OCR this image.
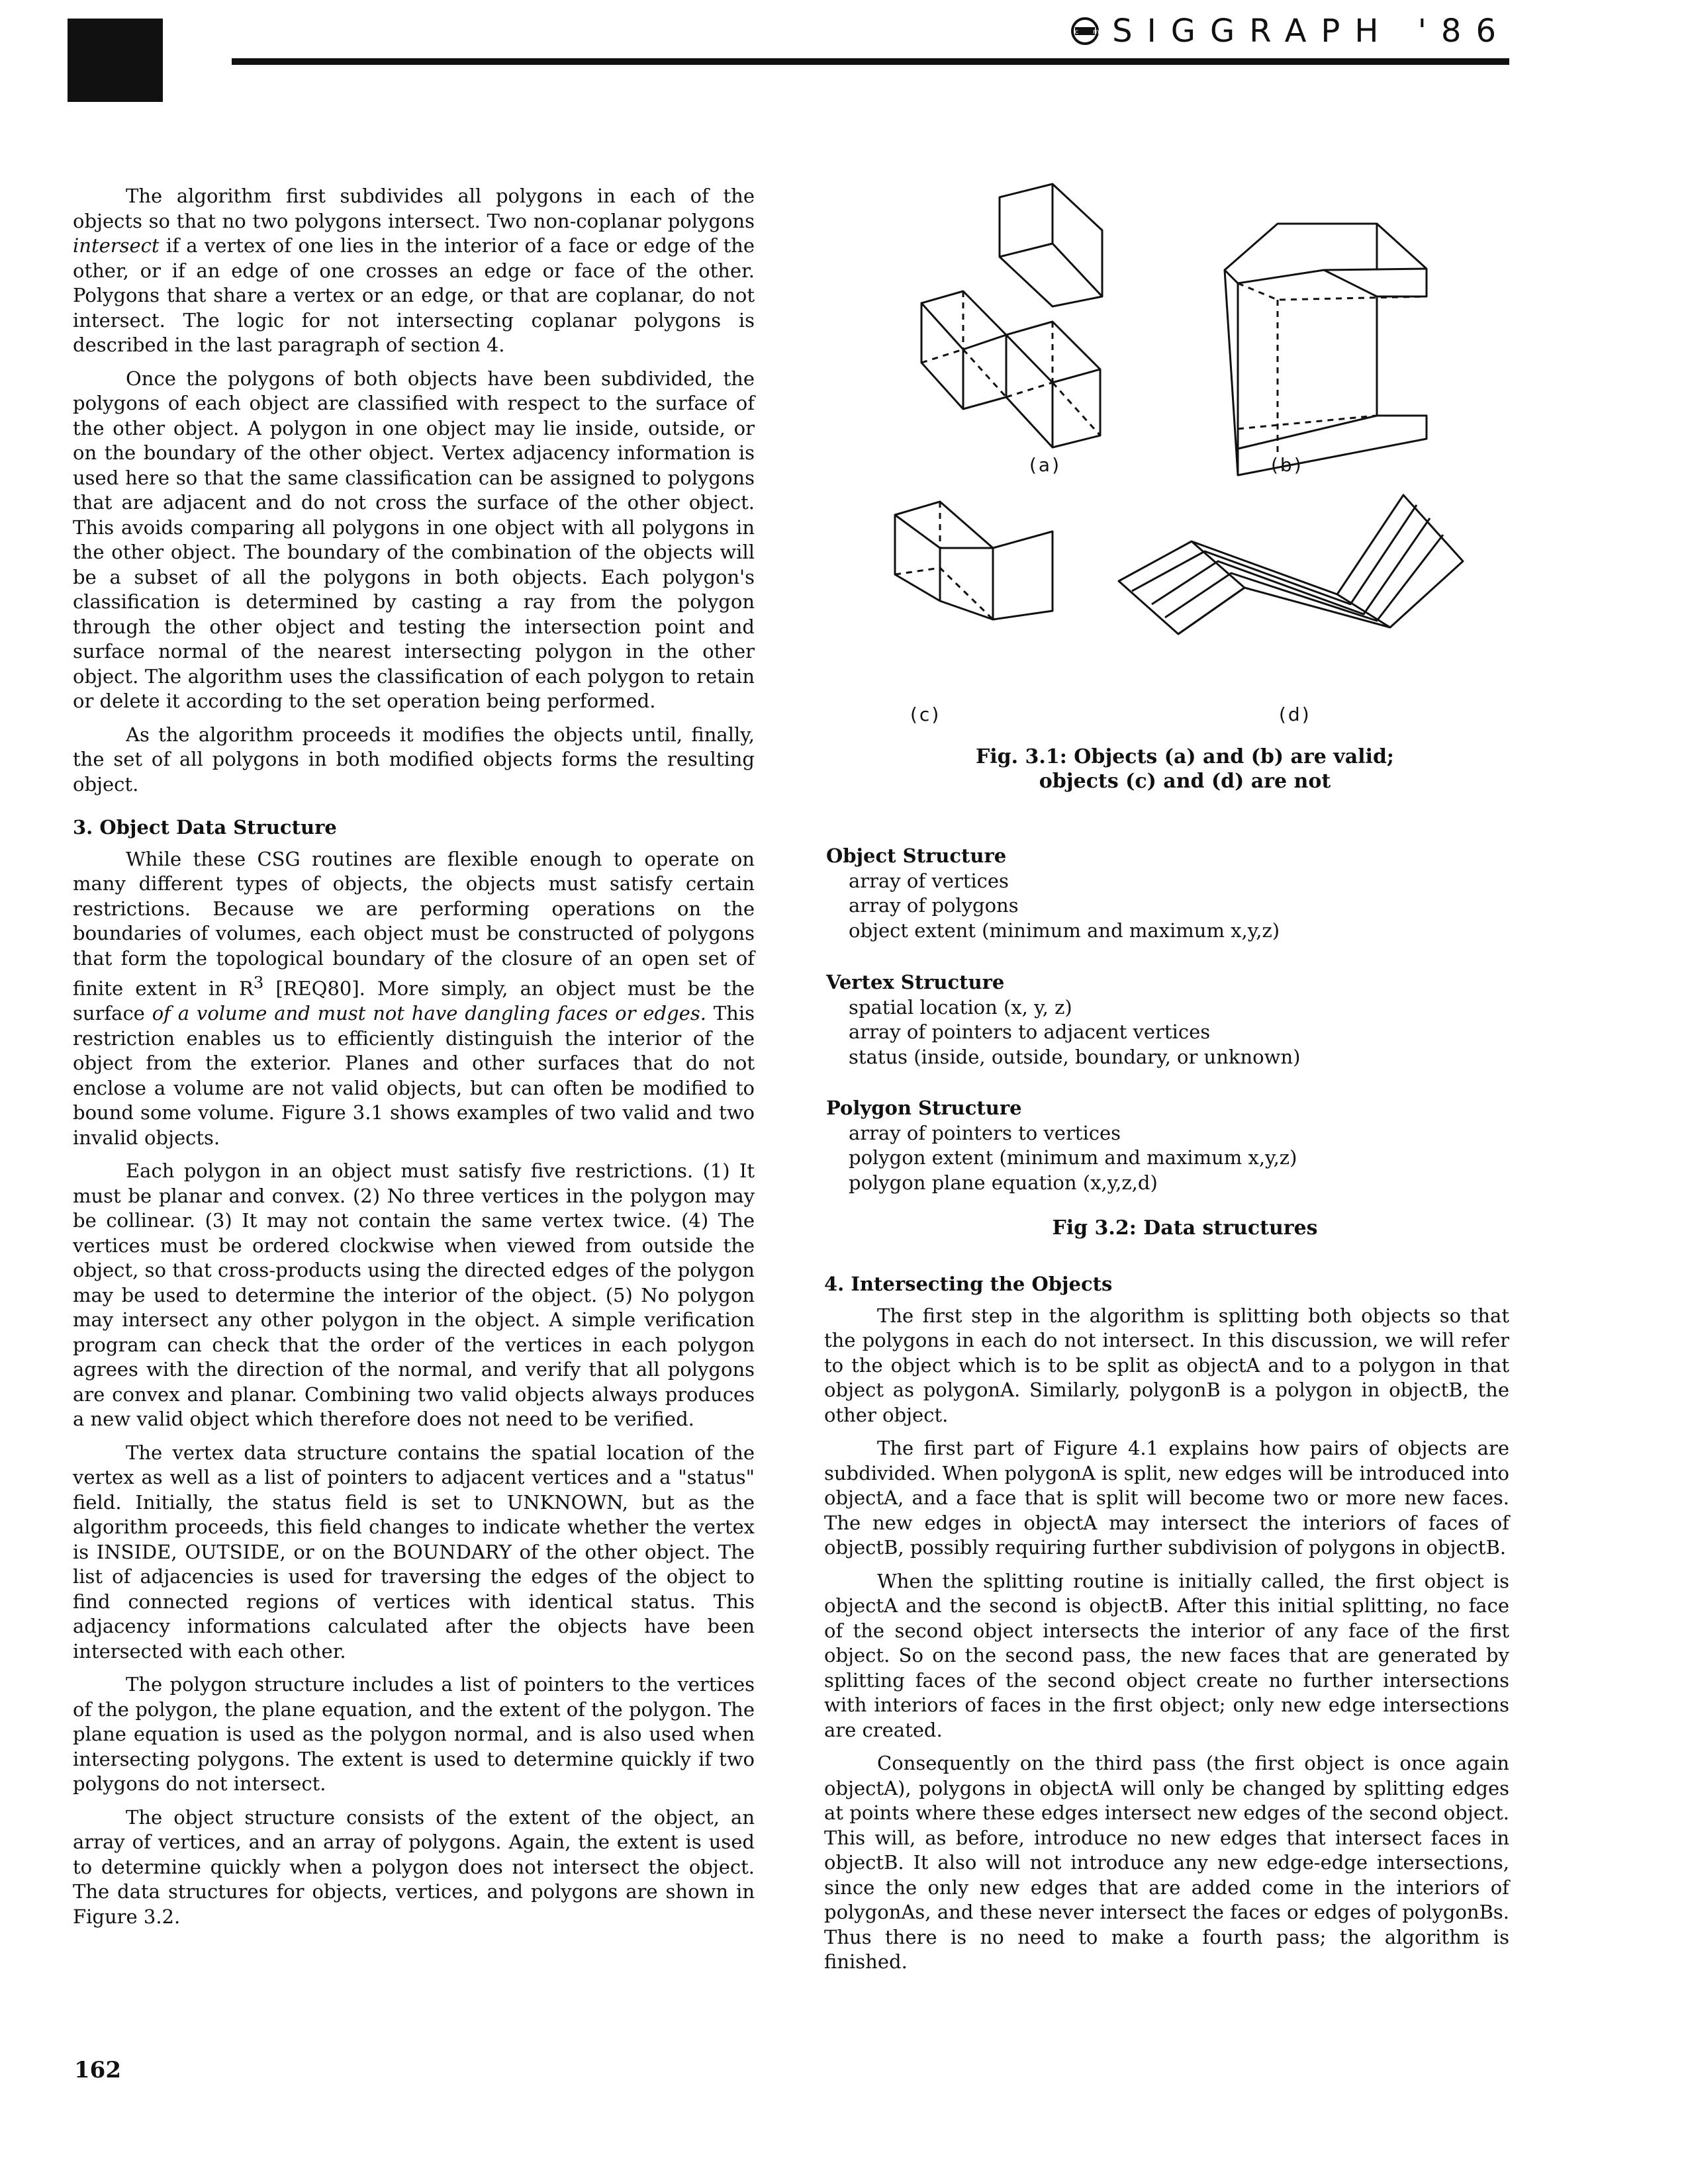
acm
SIGGRAPH '86

The algorithm first subdivides all polygons in each of the objects so that no two polygons intersect. Two non-coplanar polygons intersect if a vertex of one lies in the interior of a face or edge of the other, or if an edge of one crosses an edge or face of the other. Polygons that share a vertex or an edge, or that are coplanar, do not intersect. The logic for not intersecting coplanar polygons is described in the last paragraph of section 4.

Once the polygons of both objects have been subdivided, the polygons of each object are classified with respect to the surface of the other object. A polygon in one object may lie inside, outside, or on the boundary of the other object. Vertex adjacency information is used here so that the same classification can be assigned to polygons that are adjacent and do not cross the surface of the other object. This avoids comparing all polygons in one object with all polygons in the other object. The boundary of the combination of the objects will be a subset of all the polygons in both objects. Each polygon's classification is determined by casting a ray from the polygon through the other object and testing the intersection point and surface normal of the nearest intersecting polygon in the other object. The algorithm uses the classification of each polygon to retain or delete it according to the set operation being performed.

As the algorithm proceeds it modifies the objects until, finally, the set of all polygons in both modified objects forms the resulting object.

3. Object Data Structure

While these CSG routines are flexible enough to operate on many different types of objects, the objects must satisfy certain restrictions. Because we are performing operations on the boundaries of volumes, each object must be constructed of polygons that form the topological boundary of the closure of an open set of finite extent in $R^3$ [REQ80]. More simply, an object must be the surface of a volume and must not have dangling faces or edges. This restriction enables us to efficiently distinguish the interior of the object from the exterior. Planes and other surfaces that do not enclose a volume are not valid objects, but can often be modified to bound some volume. Figure 3.1 shows examples of two valid and two invalid objects.

Each polygon in an object must satisfy five restrictions. (1) It must be planar and convex. (2) No three vertices in the polygon may be collinear. (3) It may not contain the same vertex twice. (4) The vertices must be ordered clockwise when viewed from outside the object, so that cross-products using the directed edges of the polygon may be used to determine the interior of the object. (5) No polygon may intersect any other polygon in the object. A simple verification program can check that the order of the vertices in each polygon agrees with the direction of the normal, and verify that all polygons are convex and planar. Combining two valid objects always produces a new valid object which therefore does not need to be verified.

The vertex data structure contains the spatial location of the vertex as well as a list of pointers to adjacent vertices and a "status" field. Initially, the status field is set to UNKNOWN, but as the algorithm proceeds, this field changes to indicate whether the vertex is INSIDE, OUTSIDE, or on the BOUNDARY of the other object. The list of adjacencies is used for traversing the edges of the object to find connected regions of vertices with identical status. This adjacency informations calculated after the objects have been intersected with each other.

The polygon structure includes a list of pointers to the vertices of the polygon, the plane equation, and the extent of the polygon. The plane equation is used as the polygon normal, and is also used when intersecting polygons. The extent is used to determine quickly if two polygons do not intersect.

The object structure consists of the extent of the object, an array of vertices, and an array of polygons. Again, the extent is used to determine quickly when a polygon does not intersect the object. The data structures for objects, vertices, and polygons are shown in Figure 3.2.

(a)	(b)
(c)	(d)
Fig. 3.1: Objects (a) and (b) are valid;
objects (c) and (d) are not
Object Structure
array of vertices
array of polygons
object extent (minimum and maximum x,y,z)
Vertex Structure
spatial location (x, y, z)
array of pointers to adjacent vertices
status (inside, outside, boundary, or unknown)
Polygon Structure
array of pointers to vertices
polygon extent (minimum and maximum x,y,z)
polygon plane equation (x,y,z,d)
Fig 3.2: Data structures
4. Intersecting the Objects

The first step in the algorithm is splitting both objects so that the polygons in each do not intersect. In this discussion, we will refer to the object which is to be split as objectA and to a polygon in that object as polygonA. Similarly, polygonB is a polygon in objectB, the other object.

The first part of Figure 4.1 explains how pairs of objects are subdivided. When polygonA is split, new edges will be introduced into objectA, and a face that is split will become two or more new faces. The new edges in objectA may intersect the interiors of faces of objectB, possibly requiring further subdivision of polygons in objectB.

When the splitting routine is initially called, the first object is objectA and the second is objectB. After this initial splitting, no face of the second object intersects the interior of any face of the first object. So on the second pass, the new faces that are generated by splitting faces of the second object create no further intersections with interiors of faces in the first object; only new edge intersections are created.

Consequently on the third pass (the first object is once again objectA), polygons in objectA will only be changed by splitting edges at points where these edges intersect new edges of the second object. This will, as before, introduce no new edges that intersect faces in objectB. It also will not introduce any new edge-edge intersections, since the only new edges that are added come in the interiors of polygonAs, and these never intersect the faces or edges of polygonBs. Thus there is no need to make a fourth pass; the algorithm is finished.

162
